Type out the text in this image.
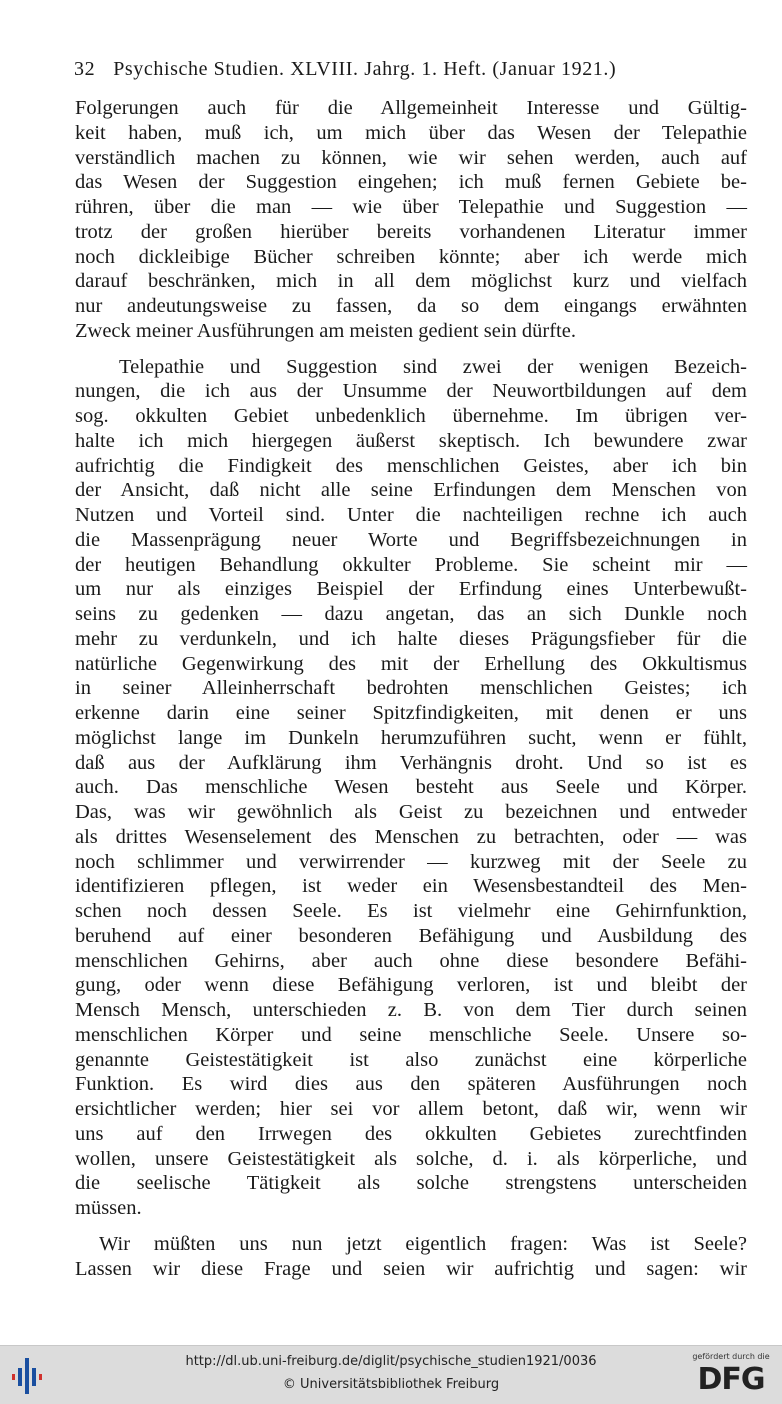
32 Psychische Studien. XLVIII. Jahrg. 1. Heft. (Januar 1921.)
Folgerungen auch für die Allgemeinheit Interesse und Gültig-
keit haben, muß ich, um mich über das Wesen der Telepathie
verständlich machen zu können, wie wir sehen werden, auch auf
das Wesen der Suggestion eingehen; ich muß fernen Gebiete be-
rühren, über die man — wie über Telepathie und Suggestion —
trotz der großen hierüber bereits vorhandenen Literatur immer
noch dickleibige Bücher schreiben könnte; aber ich werde mich
darauf beschränken, mich in all dem möglichst kurz und vielfach
nur andeutungsweise zu fassen, da so dem eingangs erwähnten
Zweck meiner Ausführungen am meisten gedient sein dürfte.
Telepathie und Suggestion sind zwei der wenigen Bezeich-
nungen, die ich aus der Unsumme der Neuwortbildungen auf dem
sog. okkulten Gebiet unbedenklich übernehme. Im übrigen ver-
halte ich mich hiergegen äußerst skeptisch. Ich bewundere zwar
aufrichtig die Findigkeit des menschlichen Geistes, aber ich bin
der Ansicht, daß nicht alle seine Erfindungen dem Menschen von
Nutzen und Vorteil sind. Unter die nachteiligen rechne ich auch
die Massenprägung neuer Worte und Begriffsbezeichnungen in
der heutigen Behandlung okkulter Probleme. Sie scheint mir —
um nur als einziges Beispiel der Erfindung eines Unterbewußt-
seins zu gedenken — dazu angetan, das an sich Dunkle noch
mehr zu verdunkeln, und ich halte dieses Prägungsfieber für die
natürliche Gegenwirkung des mit der Erhellung des Okkultismus
in seiner Alleinherrschaft bedrohten menschlichen Geistes; ich
erkenne darin eine seiner Spitzfindigkeiten, mit denen er uns
möglichst lange im Dunkeln herumzuführen sucht, wenn er fühlt,
daß aus der Aufklärung ihm Verhängnis droht. Und so ist es
auch. Das menschliche Wesen besteht aus Seele und Körper.
Das, was wir gewöhnlich als Geist zu bezeichnen und entweder
als drittes Wesenselement des Menschen zu betrachten, oder — was
noch schlimmer und verwirrender — kurzweg mit der Seele zu
identifizieren pflegen, ist weder ein Wesensbestandteil des Men-
schen noch dessen Seele. Es ist vielmehr eine Gehirnfunktion,
beruhend auf einer besonderen Befähigung und Ausbildung des
menschlichen Gehirns, aber auch ohne diese besondere Befähi-
gung, oder wenn diese Befähigung verloren, ist und bleibt der
Mensch Mensch, unterschieden z. B. von dem Tier durch seinen
menschlichen Körper und seine menschliche Seele. Unsere so-
genannte Geistestätigkeit ist also zunächst eine körperliche
Funktion. Es wird dies aus den späteren Ausführungen noch
ersichtlicher werden; hier sei vor allem betont, daß wir, wenn wir
uns auf den Irrwegen des okkulten Gebietes zurechtfinden
wollen, unsere Geistestätigkeit als solche, d. i. als körperliche, und
die seelische Tätigkeit als solche strengstens unterscheiden
müssen.
Wir müßten uns nun jetzt eigentlich fragen: Was ist Seele?
Lassen wir diese Frage und seien wir aufrichtig und sagen: wir
http://dl.ub.uni-freiburg.de/diglit/psychische_studien1921/0036
© Universitätsbibliothek Freiburg
gefördert durch die
DFG
